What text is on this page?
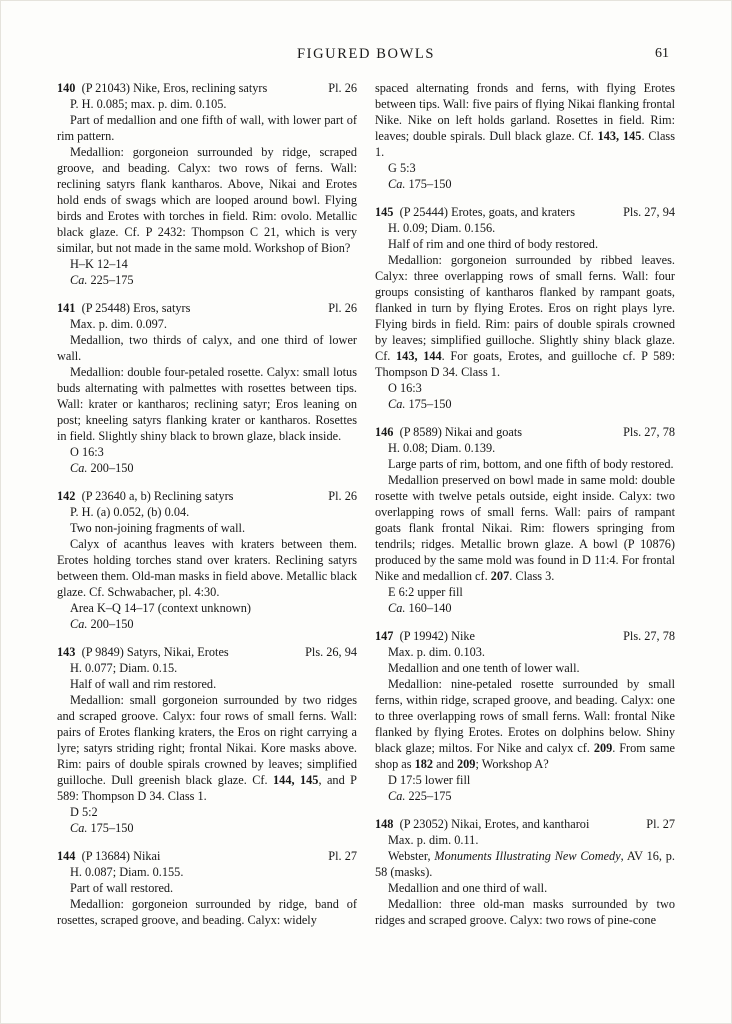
FIGURED BOWLS	61
140 (P 21043) Nike, Eros, reclining satyrs	Pl. 26

P. H. 0.085; max. p. dim. 0.105.

Part of medallion and one fifth of wall, with lower part of rim pattern.

Medallion: gorgoneion surrounded by ridge, scraped groove, and beading. Calyx: two rows of ferns. Wall: reclining satyrs flank kantharos. Above, Nikai and Erotes hold ends of swags which are looped around bowl. Flying birds and Erotes with torches in field. Rim: ovolo. Metallic black glaze. Cf. P 2432: Thompson C 21, which is very similar, but not made in the same mold. Workshop of Bion?

H–K 12–14

Ca. 225–175

141 (P 25448) Eros, satyrs	Pl. 26

Max. p. dim. 0.097.

Medallion, two thirds of calyx, and one third of lower wall.

Medallion: double four-petaled rosette. Calyx: small lotus buds alternating with palmettes with rosettes between tips. Wall: krater or kantharos; reclining satyr; Eros leaning on post; kneeling satyrs flanking krater or kantharos. Rosettes in field. Slightly shiny black to brown glaze, black inside.

O 16:3

Ca. 200–150

142 (P 23640 a, b) Reclining satyrs	Pl. 26

P. H. (a) 0.052, (b) 0.04.

Two non-joining fragments of wall.

Calyx of acanthus leaves with kraters between them. Erotes holding torches stand over kraters. Reclining satyrs between them. Old-man masks in field above. Metallic black glaze. Cf. Schwabacher, pl. 4:30.

Area K–Q 14–17 (context unknown)

Ca. 200–150

143 (P 9849) Satyrs, Nikai, Erotes	Pls. 26, 94

H. 0.077; Diam. 0.15.

Half of wall and rim restored.

Medallion: small gorgoneion surrounded by two ridges and scraped groove. Calyx: four rows of small ferns. Wall: pairs of Erotes flanking kraters, the Eros on right carrying a lyre; satyrs striding right; frontal Nikai. Kore masks above. Rim: pairs of double spirals crowned by leaves; simplified guilloche. Dull greenish black glaze. Cf. 144, 145, and P 589: Thompson D 34. Class 1.

D 5:2

Ca. 175–150

144 (P 13684) Nikai	Pl. 27

H. 0.087; Diam. 0.155.

Part of wall restored.

Medallion: gorgoneion surrounded by ridge, band of rosettes, scraped groove, and beading. Calyx: widely

spaced alternating fronds and ferns, with flying Erotes between tips. Wall: five pairs of flying Nikai flanking frontal Nike. Nike on left holds garland. Rosettes in field. Rim: leaves; double spirals. Dull black glaze. Cf. 143, 145. Class 1.

G 5:3

Ca. 175–150

145 (P 25444) Erotes, goats, and kraters	Pls. 27, 94

H. 0.09; Diam. 0.156.

Half of rim and one third of body restored.

Medallion: gorgoneion surrounded by ribbed leaves. Calyx: three overlapping rows of small ferns. Wall: four groups consisting of kantharos flanked by rampant goats, flanked in turn by flying Erotes. Eros on right plays lyre. Flying birds in field. Rim: pairs of double spirals crowned by leaves; simplified guilloche. Slightly shiny black glaze. Cf. 143, 144. For goats, Erotes, and guilloche cf. P 589: Thompson D 34. Class 1.

O 16:3

Ca. 175–150

146 (P 8589) Nikai and goats	Pls. 27, 78

H. 0.08; Diam. 0.139.

Large parts of rim, bottom, and one fifth of body restored.

Medallion preserved on bowl made in same mold: double rosette with twelve petals outside, eight inside. Calyx: two overlapping rows of small ferns. Wall: pairs of rampant goats flank frontal Nikai. Rim: flowers springing from tendrils; ridges. Metallic brown glaze. A bowl (P 10876) produced by the same mold was found in D 11:4. For frontal Nike and medallion cf. 207. Class 3.

E 6:2 upper fill

Ca. 160–140

147 (P 19942) Nike	Pls. 27, 78

Max. p. dim. 0.103.

Medallion and one tenth of lower wall.

Medallion: nine-petaled rosette surrounded by small ferns, within ridge, scraped groove, and beading. Calyx: one to three overlapping rows of small ferns. Wall: frontal Nike flanked by flying Erotes. Erotes on dolphins below. Shiny black glaze; miltos. For Nike and calyx cf. 209. From same shop as 182 and 209; Workshop A?

D 17:5 lower fill

Ca. 225–175

148 (P 23052) Nikai, Erotes, and kantharoi	Pl. 27

Max. p. dim. 0.11.

Webster, Monuments Illustrating New Comedy, AV 16, p. 58 (masks).

Medallion and one third of wall.

Medallion: three old-man masks surrounded by two ridges and scraped groove. Calyx: two rows of pine-cone
